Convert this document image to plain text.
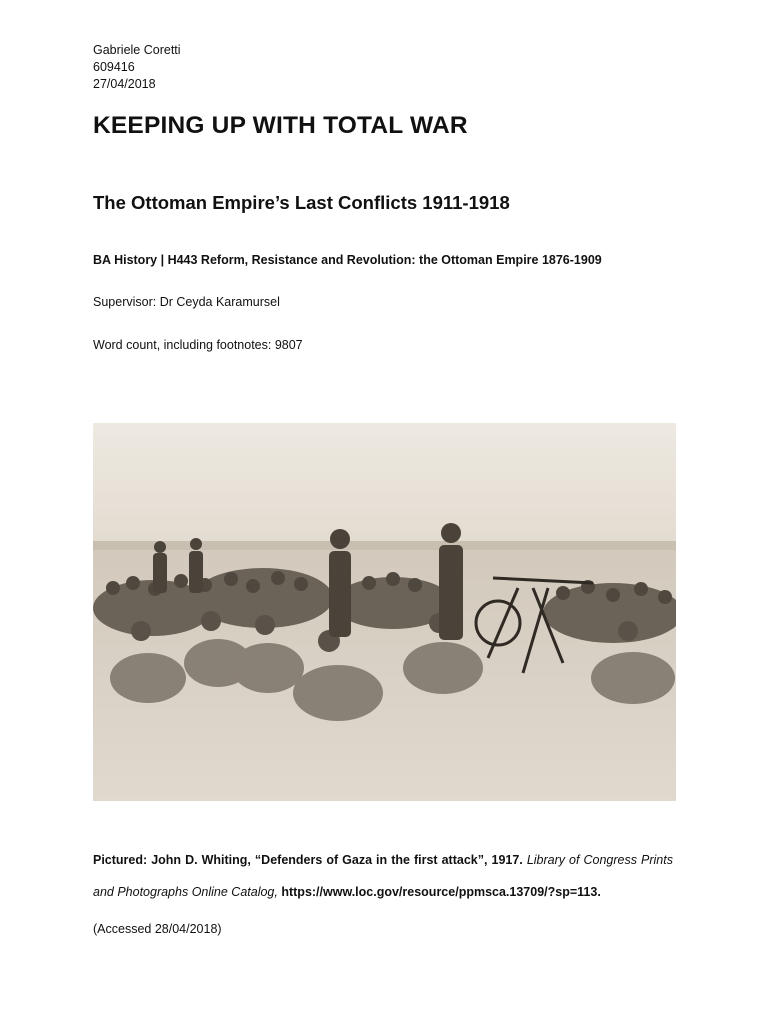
Gabriele Coretti
609416
27/04/2018
KEEPING UP WITH TOTAL WAR
The Ottoman Empire’s Last Conflicts 1911-1918
BA History | H443 Reform, Resistance and Revolution: the Ottoman Empire 1876-1909
Supervisor: Dr Ceyda Karamursel
Word count, including footnotes: 9807
Pictured: John D. Whiting, “Defenders of Gaza in the first attack”, 1917. Library of Congress Prints and Photographs Online Catalog, https://www.loc.gov/resource/ppmsca.13709/?sp=113.
(Accessed 28/04/2018)
